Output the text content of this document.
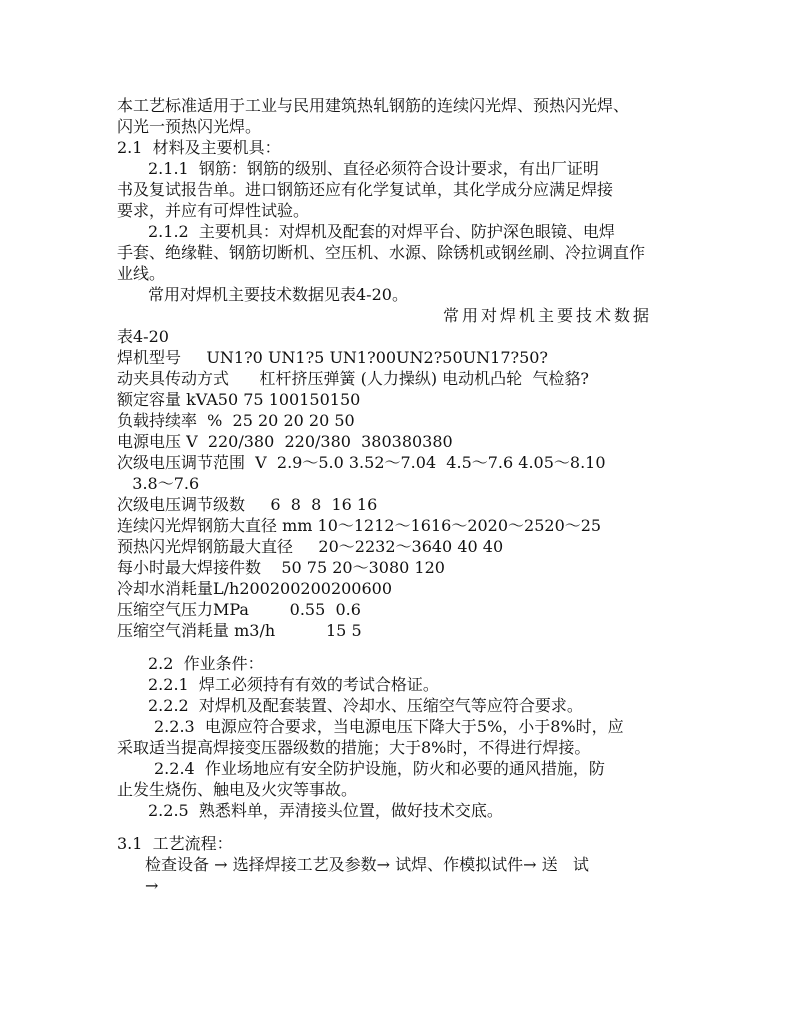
本工艺标准适用于工业与民用建筑热轧钢筋的连续闪光焊、预热闪光焊、
闪光一预热闪光焊。
2.1  材料及主要机具：
2.1.1  钢筋：钢筋的级别、直径必须符合设计要求，有出厂证明
书及复试报告单。进口钢筋还应有化学复试单，其化学成分应满足焊接
要求，并应有可焊性试验。
2.1.2  主要机具：对焊机及配套的对焊平台、防护深色眼镜、电焊
手套、绝缘鞋、钢筋切断机、空压机、水源、除锈机或钢丝刷、冷拉调直作
业线。
常用对焊机主要技术数据见表4-20。
常用对焊机主要技术数据
表4-20
焊机型号     UN1?0 UN1?5 UN1?00UN2?50UN17?50?
动夹具传动方式      杠杆挤压弹簧 (人力操纵) 电动机凸轮  气检貉?
额定容量 kVA50 75 100150150
负载持续率  %  25 20 20 20 50
电源电压 V  220/380  220/380  380380380
次级电压调节范围  V  2.9～5.0 3.52～7.04  4.5～7.6 4.05～8.10
3.8～7.6
次级电压调节级数     6  8  8  16 16
连续闪光焊钢筋大直径 mm 10～1212～1616～2020～2520～25
预热闪光焊钢筋最大直径     20～2232～3640 40 40
每小时最大焊接件数    50 75 20～3080 120
冷却水消耗量L/h200200200200600
压缩空气压力MPa        0.55  0.6
压缩空气消耗量 m3/h          15 5
2.2  作业条件：
2.2.1  焊工必须持有有效的考试合格证。
2.2.2  对焊机及配套装置、冷却水、压缩空气等应符合要求。
2.2.3  电源应符合要求，当电源电压下降大于5%，小于8%时，应
采取适当提高焊接变压器级数的措施；大于8%时，不得进行焊接。
2.2.4  作业场地应有安全防护设施，防火和必要的通风措施，防
止发生烧伤、触电及火灾等事故。
2.2.5  熟悉料单，弄清接头位置，做好技术交底。
3.1  工艺流程：
检查设备 → 选择焊接工艺及参数→ 试焊、作模拟试件→ 送   试
→
